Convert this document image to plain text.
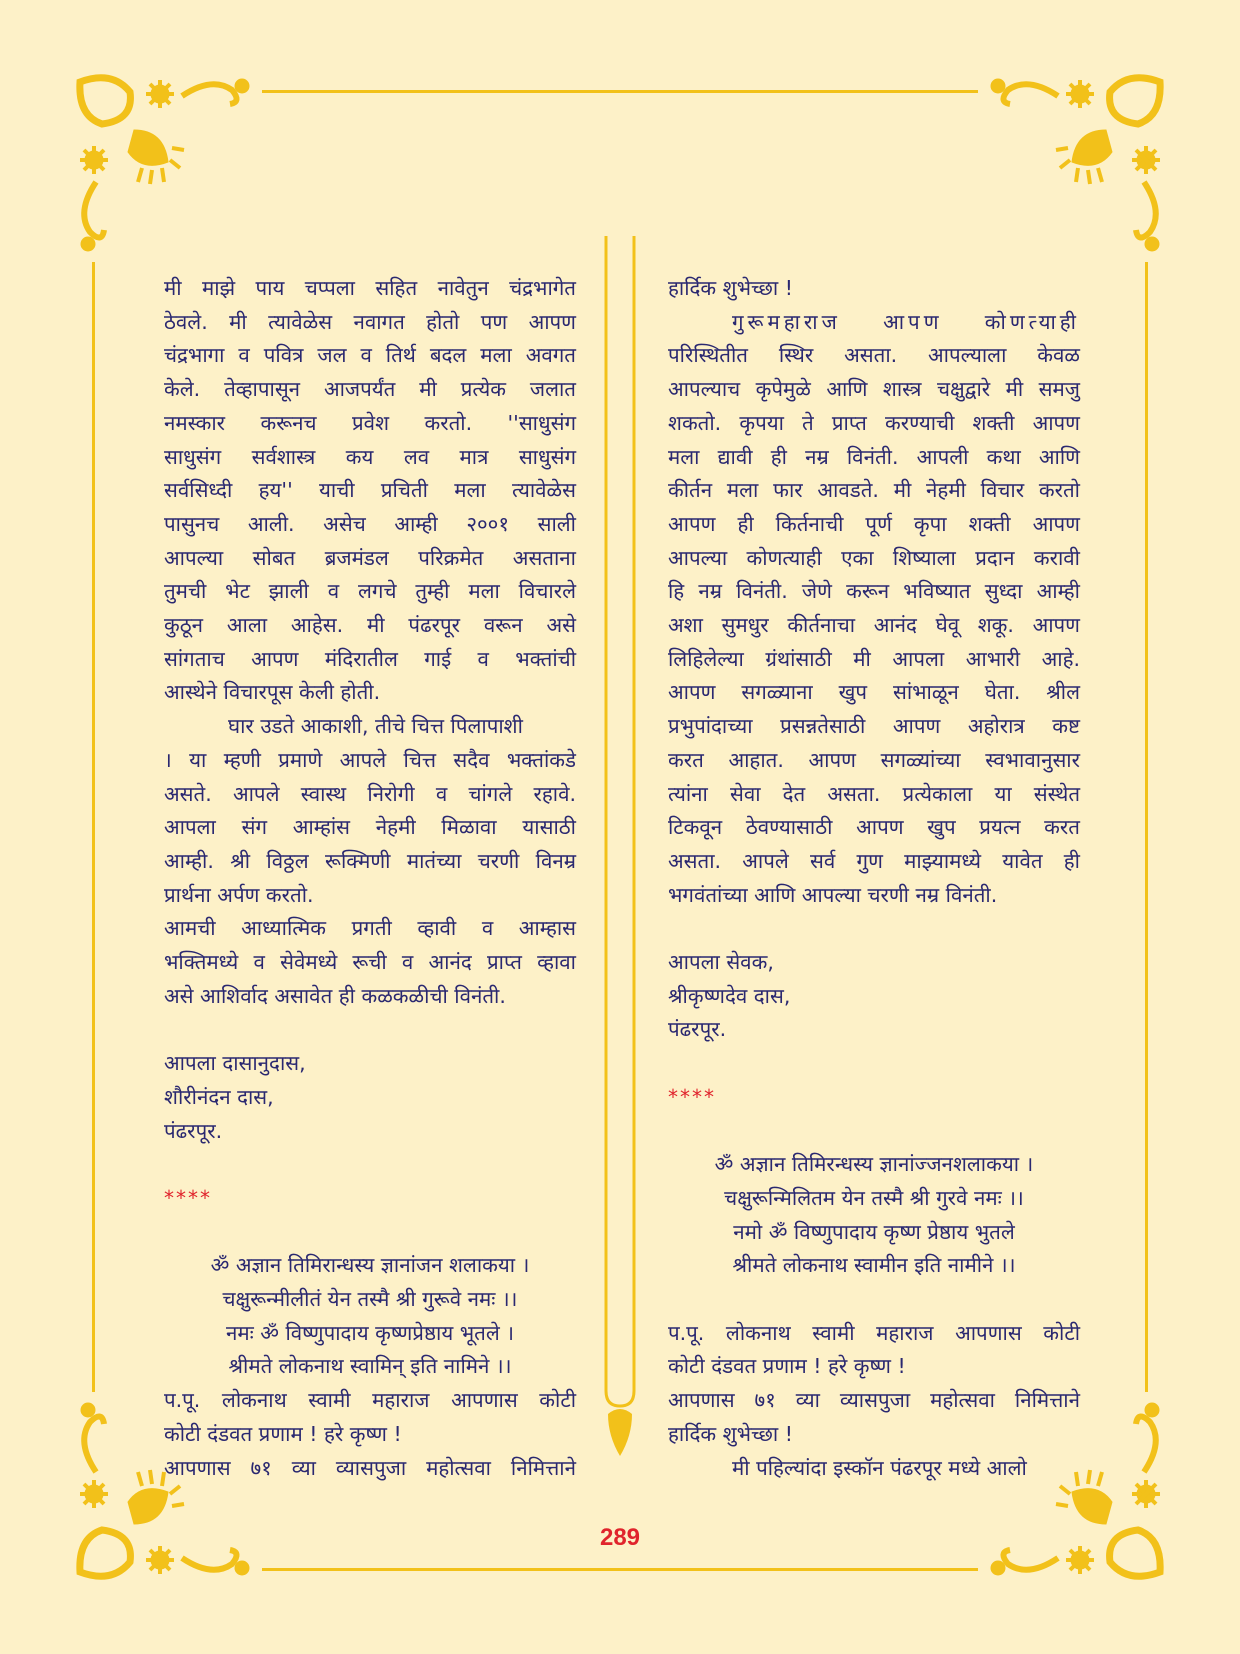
मी माझे पाय चप्पला सहित नावेतुन चंद्रभागेत
ठेवले. मी त्यावेळेस नवागत होतो पण आपण
चंद्रभागा व पवित्र जल व तिर्थ बदल मला अवगत
केले. तेव्हापासून आजपर्यंत मी प्रत्येक जलात
नमस्कार करूनच प्रवेश करतो. ''साधुसंग
साधुसंग सर्वशास्त्र कय लव मात्र साधुसंग
सर्वसिध्दी हय'' याची प्रचिती मला त्यावेळेस
पासुनच आली. असेच आम्ही २००१ साली
आपल्या सोबत ब्रजमंडल परिक्रमेत असताना
तुमची भेट झाली व लगचे तुम्ही मला विचारले
कुठून आला आहेस. मी पंढरपूर वरून असे
सांगताच आपण मंदिरातील गाई व भक्तांची
आस्थेने विचारपूस केली होती.
घार उडते आकाशी, तीचे चित्त पिलापाशी
। या म्हणी प्रमाणे आपले चित्त सदैव भक्तांकडे
असते. आपले स्वास्थ निरोगी व चांगले रहावे.
आपला संग आम्हांस नेहमी मिळावा यासाठी
आम्ही. श्री विठ्ठल रूक्मिणी मातंच्या चरणी विनम्र
प्रार्थना अर्पण करतो.
आमची आध्यात्मिक प्रगती व्हावी व आम्हास
भक्तिमध्ये व सेवेमध्ये रूची व आनंद प्राप्त व्हावा
असे आशिर्वाद असावेत ही कळकळीची विनंती.
आपला दासानुदास,
शौरीनंदन दास,
पंढरपूर.
****
ॐ अज्ञान तिमिरान्धस्य ज्ञानांजन शलाकया ।
चक्षुरून्मीलीतं येन तस्मै श्री गुरूवे नमः ।।
नमः ॐ विष्णुपादाय कृष्णप्रेष्ठाय भूतले ।
श्रीमते लोकनाथ स्वामिन् इति नामिने ।।
प.पू. लोकनाथ स्वामी महाराज आपणास कोटी
कोटी दंडवत प्रणाम ! हरे कृष्ण !
आपणास ७१ व्या व्यासपुजा महोत्सवा निमित्ताने
हार्दिक शुभेच्छा !
गुरूमहाराज आपण कोणत्याही
परिस्थितीत स्थिर असता. आपल्याला केवळ
आपल्याच कृपेमुळे आणि शास्त्र चक्षुद्वारे मी समजु
शकतो. कृपया ते प्राप्त करण्याची शक्ती आपण
मला द्यावी ही नम्र विनंती. आपली कथा आणि
कीर्तन मला फार आवडते. मी नेहमी विचार करतो
आपण ही किर्तनाची पूर्ण कृपा शक्ती आपण
आपल्या कोणत्याही एका शिष्याला प्रदान करावी
हि नम्र विनंती. जेणे करून भविष्यात सुध्दा आम्ही
अशा सुमधुर कीर्तनाचा आनंद घेवू शकू. आपण
लिहिलेल्या ग्रंथांसाठी मी आपला आभारी आहे.
आपण सगळ्याना खुप सांभाळून घेता. श्रील
प्रभुपांदाच्या प्रसन्नतेसाठी आपण अहोरात्र कष्ट
करत आहात. आपण सगळ्यांच्या स्वभावानुसार
त्यांना सेवा देत असता. प्रत्येकाला या संस्थेत
टिकवून ठेवण्यासाठी आपण खुप प्रयत्न करत
असता. आपले सर्व गुण माझ्यामध्ये यावेत ही
भगवंतांच्या आणि आपल्या चरणी नम्र विनंती.
आपला सेवक,
श्रीकृष्णदेव दास,
पंढरपूर.
****
ॐ अज्ञान तिमिरन्धस्य ज्ञानांज्जनशलाकया ।
चक्षुरून्मिलितम येन तस्मै श्री गुरवे नमः ।।
नमो ॐ विष्णुपादाय कृष्ण प्रेष्ठाय भुतले
श्रीमते लोकनाथ स्वामीन इति नामीने ।।
प.पू. लोकनाथ स्वामी महाराज आपणास कोटी
कोटी दंडवत प्रणाम ! हरे कृष्ण !
आपणास ७१ व्या व्यासपुजा महोत्सवा निमित्ताने
हार्दिक शुभेच्छा !
मी पहिल्यांदा इस्कॉन पंढरपूर मध्ये आलो
289
